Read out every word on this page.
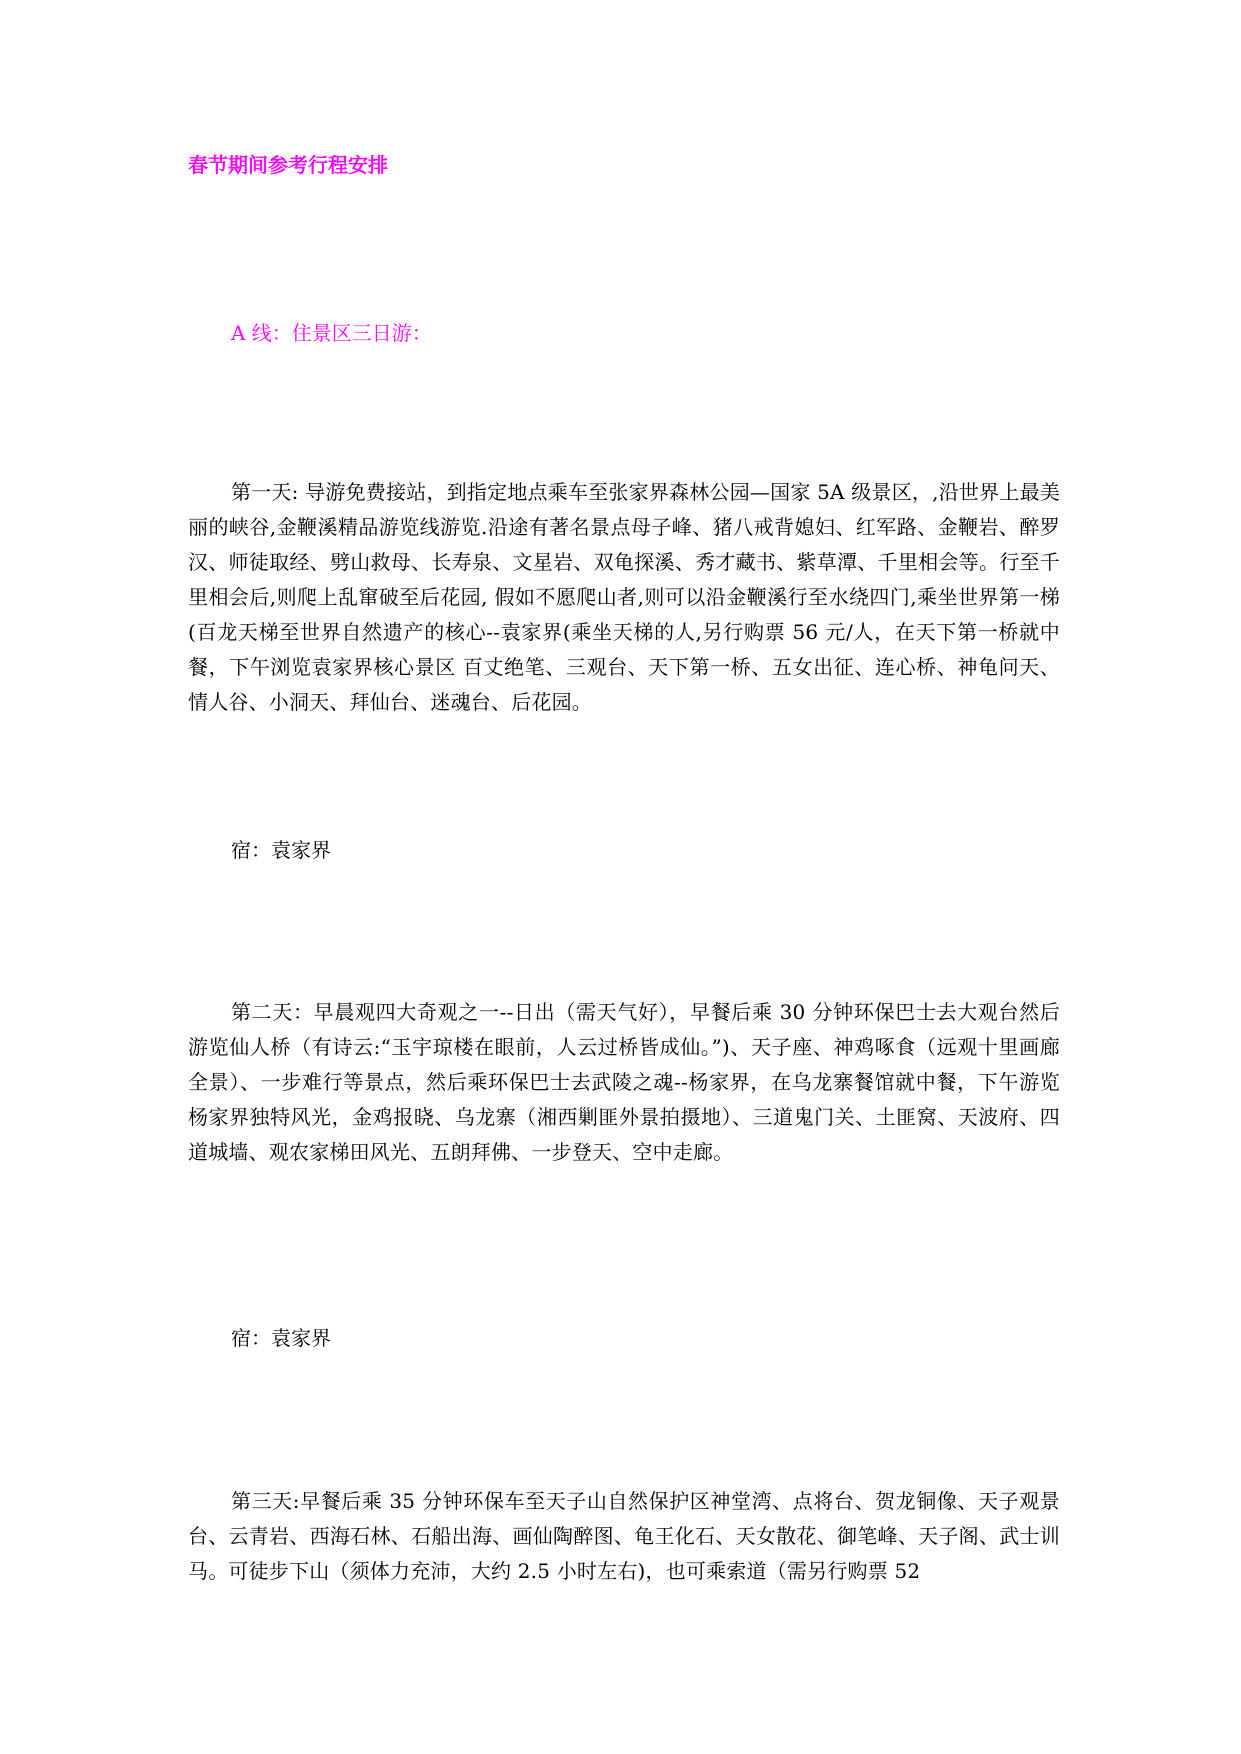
春节期间参考行程安排
A 线：住景区三日游：

第一天: 导游免费接站，到指定地点乘车至张家界森林公园—国家 5A 级景区，,沿世界上最美丽的峡谷,金鞭溪精品游览线游览.沿途有著名景点母子峰、猪八戒背媳妇、红军路、金鞭岩、醉罗汉、师徒取经、劈山救母、长寿泉、文星岩、双龟探溪、秀才藏书、紫草潭、千里相会等。行至千里相会后,则爬上乱窜破至后花园, 假如不愿爬山者,则可以沿金鞭溪行至水绕四门,乘坐世界第一梯(百龙天梯至世界自然遗产的核心--袁家界(乘坐天梯的人,另行购票 56 元/人，在天下第一桥就中餐，下午浏览袁家界核心景区 百丈绝笔、三观台、天下第一桥、五女出征、连心桥、神龟问天、情人谷、小洞天、拜仙台、迷魂台、后花园。

宿：袁家界

第二天：早晨观四大奇观之一--日出（需天气好），早餐后乘 30 分钟环保巴士去大观台然后游览仙人桥（有诗云:“玉宇琼楼在眼前，人云过桥皆成仙。”)、天子座、神鸡啄食（远观十里画廊全景）、一步难行等景点，然后乘环保巴士去武陵之魂--杨家界，在乌龙寨餐馆就中餐，下午游览杨家界独特风光，金鸡报晓、乌龙寨（湘西剿匪外景拍摄地）、三道鬼门关、土匪窝、天波府、四道城墙、观农家梯田风光、五朗拜佛、一步登天、空中走廊。

宿：袁家界

第三天:早餐后乘 35 分钟环保车至天子山自然保护区神堂湾、点将台、贺龙铜像、天子观景台、云青岩、西海石林、石船出海、画仙陶醉图、龟王化石、天女散花、御笔峰、天子阁、武士训马。可徒步下山（须体力充沛，大约 2.5 小时左右)，也可乘索道（需另行购票 52
